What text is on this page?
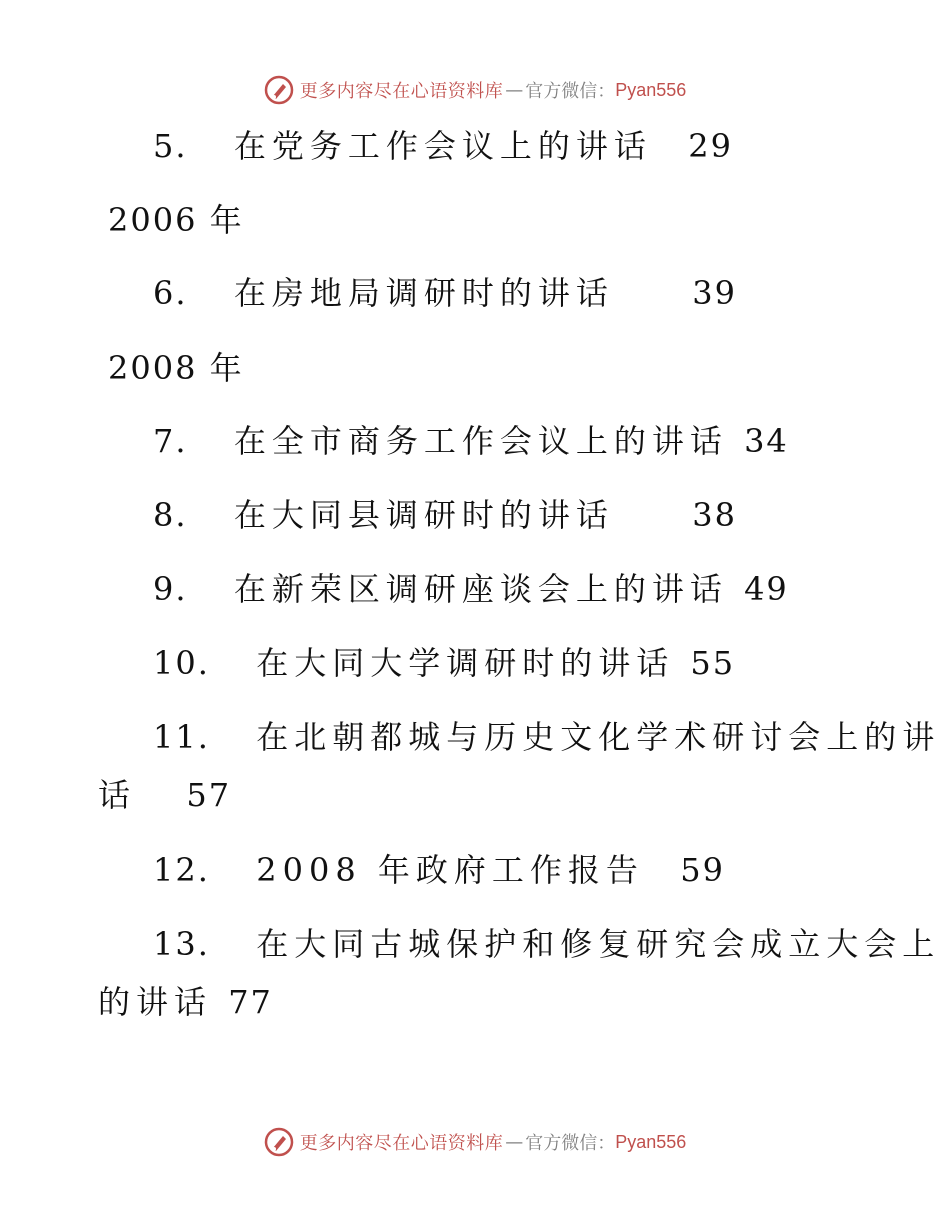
更多内容尽在心语资料库 — 官方微信： Pyan556
5. 在党务工作会议上的讲话 29
2006 年
6. 在房地局调研时的讲话 39
2008 年
7. 在全市商务工作会议上的讲话 34
8. 在大同县调研时的讲话 38
9. 在新荣区调研座谈会上的讲话 49
10. 在大同大学调研时的讲话 55
11. 在北朝都城与历史文化学术研讨会上的讲
话 57
12. 2008 年政府工作报告 59
13. 在大同古城保护和修复研究会成立大会上
的讲话 77
更多内容尽在心语资料库 — 官方微信： Pyan556
